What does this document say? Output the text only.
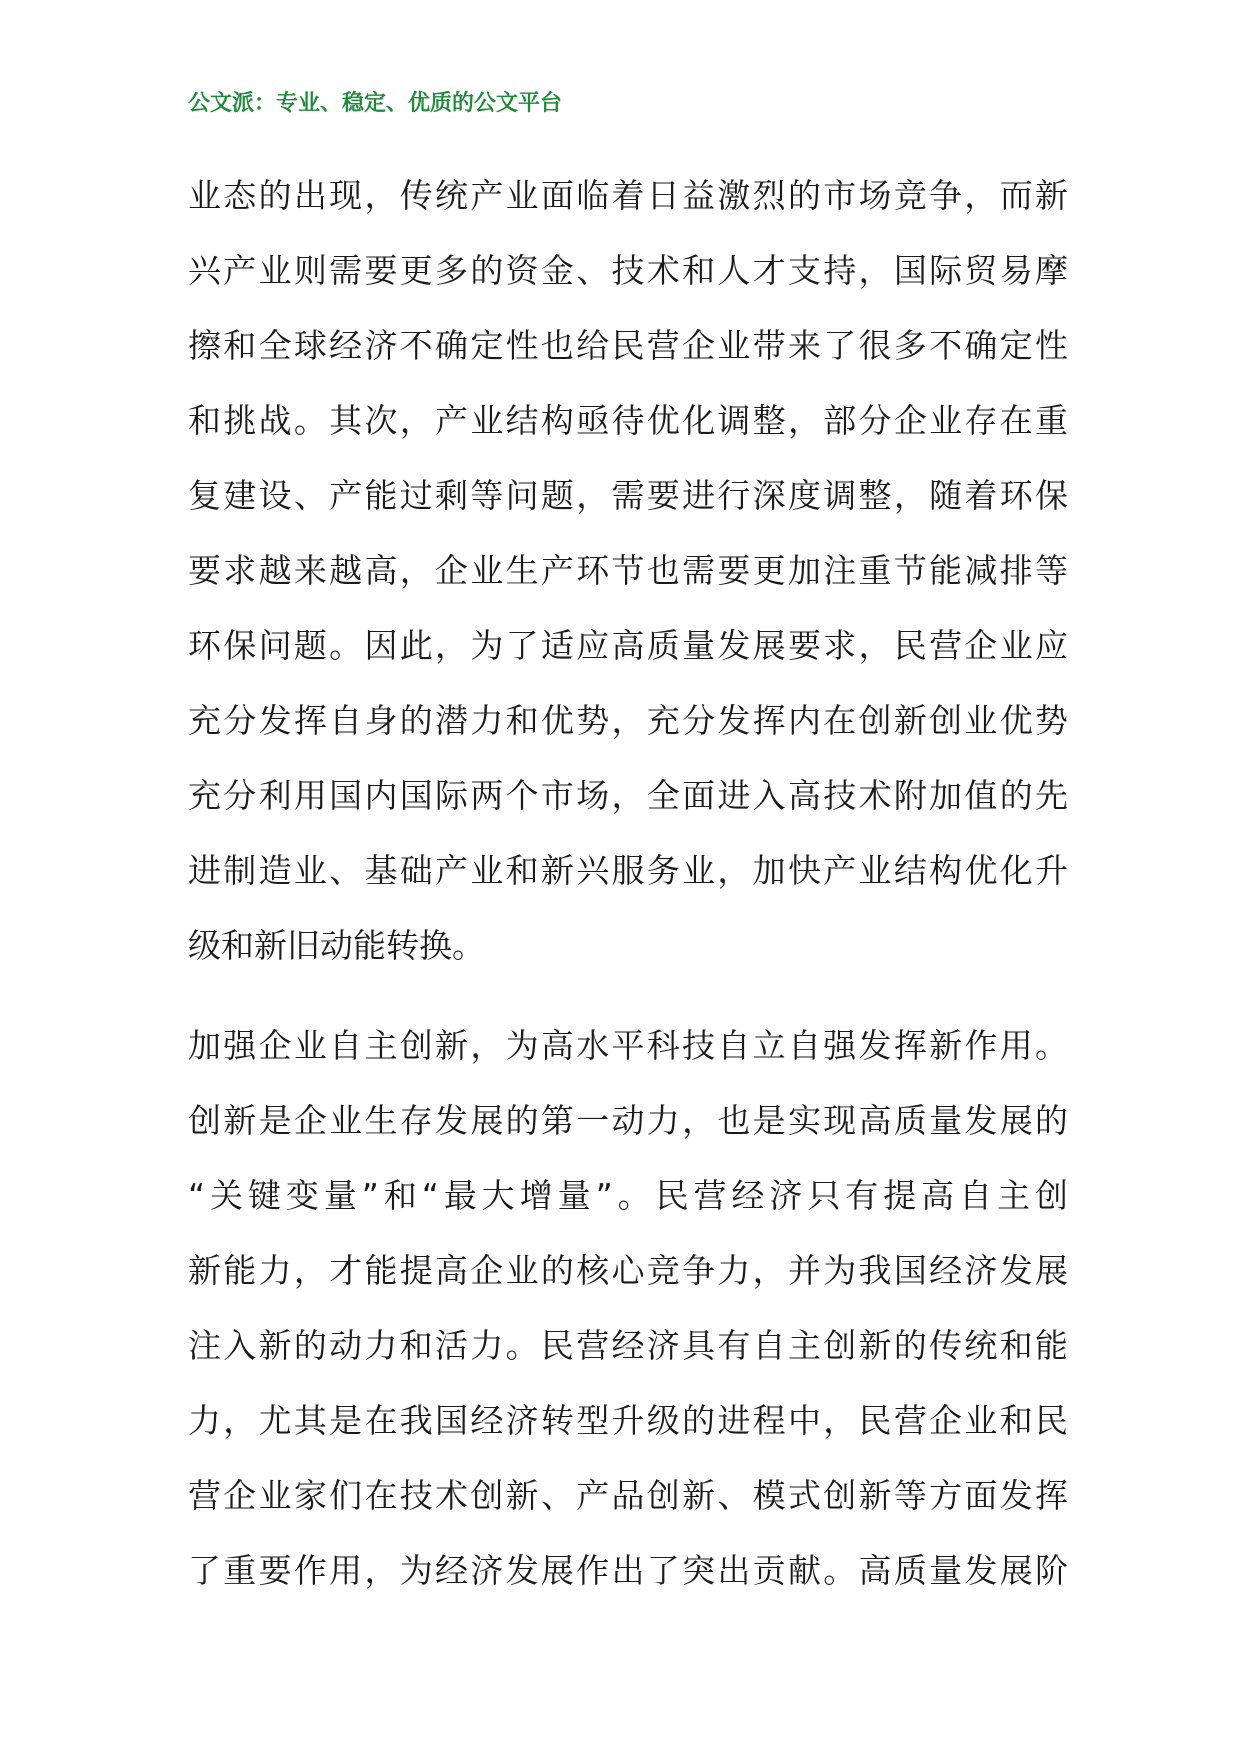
公文派：专业、稳定、优质的公文平台
业态的出现，传统产业面临着日益激烈的市场竞争，而新
兴产业则需要更多的资金、技术和人才支持，国际贸易摩
擦和全球经济不确定性也给民营企业带来了很多不确定性
和挑战。其次，产业结构亟待优化调整，部分企业存在重
复建设、产能过剩等问题，需要进行深度调整，随着环保
要求越来越高，企业生产环节也需要更加注重节能减排等
环保问题。因此，为了适应高质量发展要求，民营企业应
充分发挥自身的潜力和优势，充分发挥内在创新创业优势
充分利用国内国际两个市场，全面进入高技术附加值的先
进制造业、基础产业和新兴服务业，加快产业结构优化升
级和新旧动能转换。
加强企业自主创新，为高水平科技自立自强发挥新作用。
创新是企业生存发展的第一动力，也是实现高质量发展的
“关键变量”和“最大增量”。民营经济只有提高自主创
新能力，才能提高企业的核心竞争力，并为我国经济发展
注入新的动力和活力。民营经济具有自主创新的传统和能
力，尤其是在我国经济转型升级的进程中，民营企业和民
营企业家们在技术创新、产品创新、模式创新等方面发挥
了重要作用，为经济发展作出了突出贡献。高质量发展阶
